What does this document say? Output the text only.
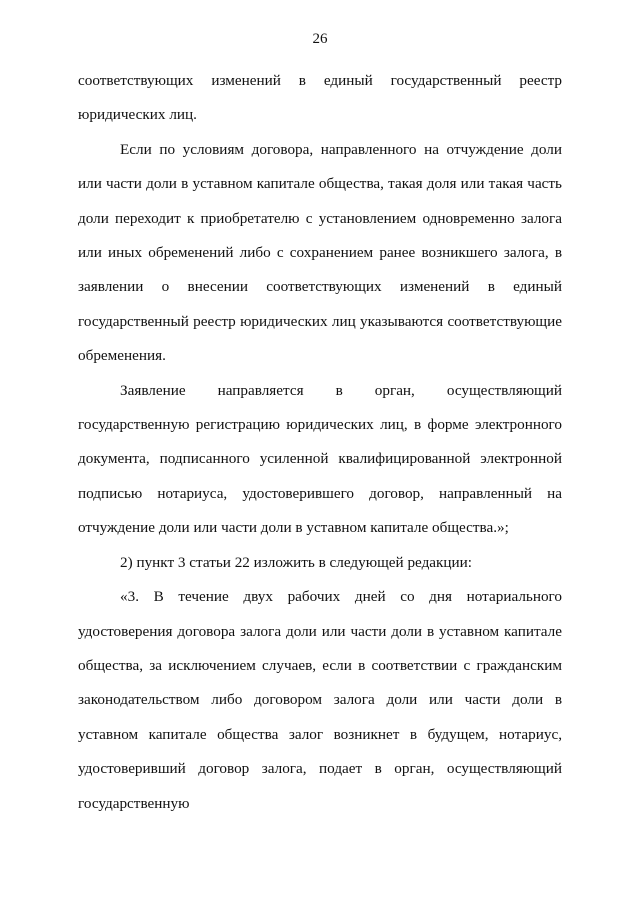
26

соответствующих изменений в единый государственный реестр юридических лиц.

Если по условиям договора, направленного на отчуждение доли или части доли в уставном капитале общества, такая доля или такая часть доли переходит к приобретателю с установлением одновременно залога или иных обременений либо с сохранением ранее возникшего залога, в заявлении о внесении соответствующих изменений в единый государственный реестр юридических лиц указываются соответствующие обременения.

Заявление направляется в орган, осуществляющий государственную регистрацию юридических лиц, в форме электронного документа, подписанного усиленной квалифицированной электронной подписью нотариуса, удостоверившего договор, направленный на отчуждение доли или части доли в уставном капитале общества.»;

2) пункт 3 статьи 22 изложить в следующей редакции:

«3. В течение двух рабочих дней со дня нотариального удостоверения договора залога доли или части доли в уставном капитале общества, за исключением случаев, если в соответствии с гражданским законодательством либо договором залога доли или части доли в уставном капитале общества залог возникнет в будущем, нотариус, удостоверивший договор залога, подает в орган, осуществляющий государственную
